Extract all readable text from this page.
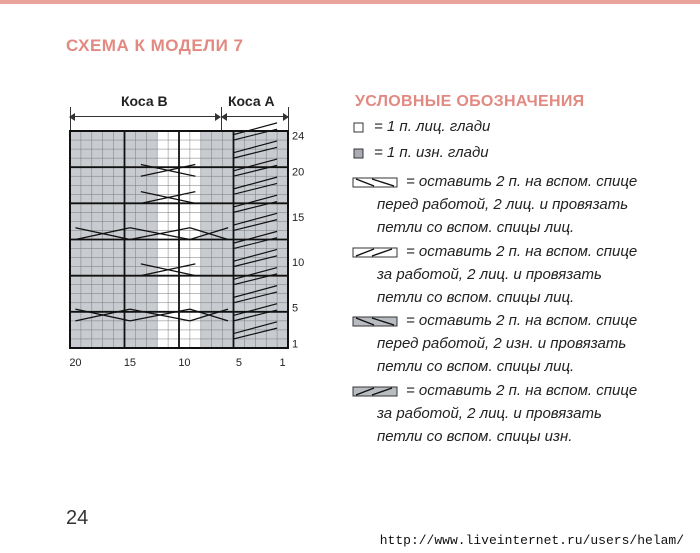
СХЕМА К МОДЕЛИ 7
Коса В	Коса А
24
20
15
10
5
1
20	15	10	5	1
УСЛОВНЫЕ ОБОЗНАЧЕНИЯ
= 1 п. лиц. глади
= 1 п. изн. глади
= оставить 2 п. на вспом. спице
перед работой, 2 лиц. и провязать
петли со вспом. спицы лиц.
= оставить 2 п. на вспом. спице
за работой, 2 лиц. и провязать
петли со вспом. спицы лиц.
= оставить 2 п. на вспом. спице
перед работой, 2 изн. и провязать
петли со вспом. спицы лиц.
= оставить 2 п. на вспом. спице
за работой, 2 лиц. и провязать
петли со вспом. спицы изн.
24
http://www.liveinternet.ru/users/helam/
